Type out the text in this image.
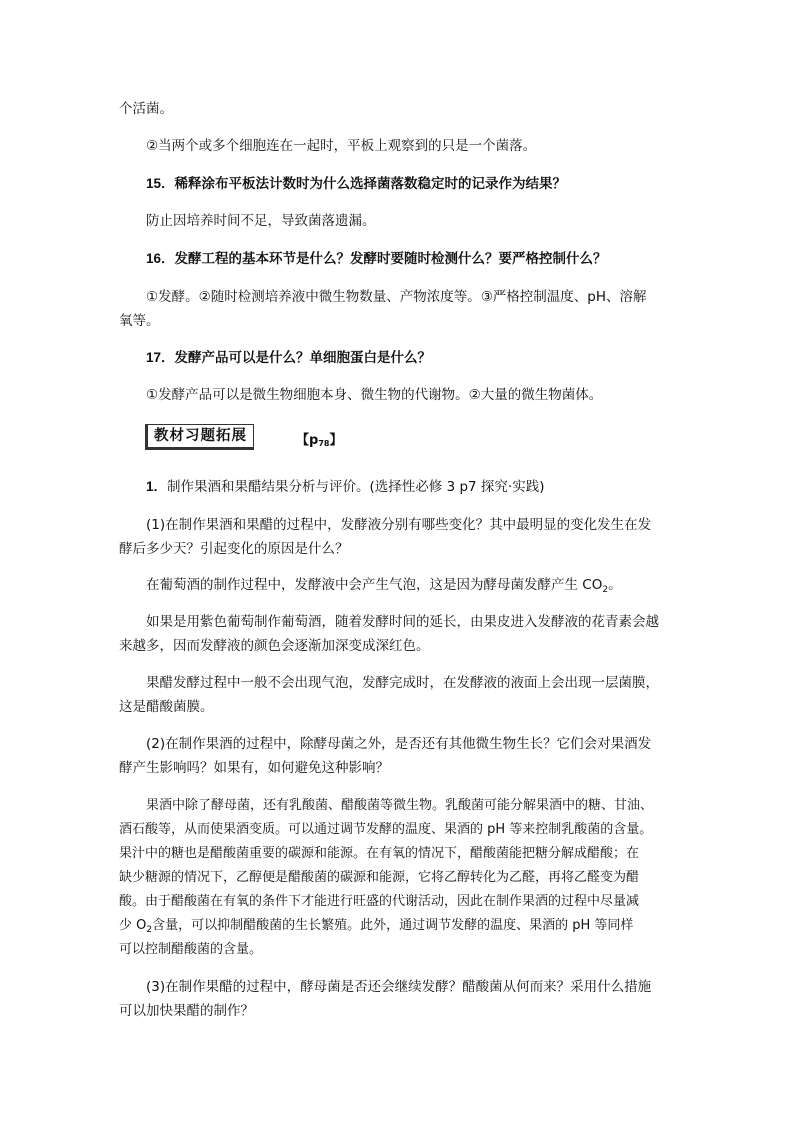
个活菌。
②当两个或多个细胞连在一起时，平板上观察到的只是一个菌落。
15．稀释涂布平板法计数时为什么选择菌落数稳定时的记录作为结果？
防止因培养时间不足，导致菌落遗漏。
16．发酵工程的基本环节是什么？发酵时要随时检测什么？要严格控制什么？
①发酵。②随时检测培养液中微生物数量、产物浓度等。③严格控制温度、pH、溶解
氧等。
17．发酵产品可以是什么？单细胞蛋白是什么？
①发酵产品可以是微生物细胞本身、微生物的代谢物。②大量的微生物菌体。
教材习题拓展	【$p_{78}$】
1．制作果酒和果醋结果分析与评价。(选择性必修 3 p7 探究·实践)
(1)在制作果酒和果醋的过程中，发酵液分别有哪些变化？其中最明显的变化发生在发
酵后多少天？引起变化的原因是什么？
在葡萄酒的制作过程中，发酵液中会产生气泡，这是因为酵母菌发酵产生 $CO_2$。
如果是用紫色葡萄制作葡萄酒，随着发酵时间的延长，由果皮进入发酵液的花青素会越
来越多，因而发酵液的颜色会逐渐加深变成深红色。
果醋发酵过程中一般不会出现气泡，发酵完成时，在发酵液的液面上会出现一层菌膜，
这是醋酸菌膜。
(2)在制作果酒的过程中，除酵母菌之外，是否还有其他微生物生长？它们会对果酒发
酵产生影响吗？如果有，如何避免这种影响？
果酒中除了酵母菌，还有乳酸菌、醋酸菌等微生物。乳酸菌可能分解果酒中的糖、甘油、
酒石酸等，从而使果酒变质。可以通过调节发酵的温度、果酒的 pH 等来控制乳酸菌的含量。
果汁中的糖也是醋酸菌重要的碳源和能源。在有氧的情况下，醋酸菌能把糖分解成醋酸；在
缺少糖源的情况下，乙醇便是醋酸菌的碳源和能源，它将乙醇转化为乙醛，再将乙醛变为醋
酸。由于醋酸菌在有氧的条件下才能进行旺盛的代谢活动，因此在制作果酒的过程中尽量减
少 $O_2$含量，可以抑制醋酸菌的生长繁殖。此外，通过调节发酵的温度、果酒的 pH 等同样
可以控制醋酸菌的含量。
(3)在制作果醋的过程中，酵母菌是否还会继续发酵？醋酸菌从何而来？采用什么措施
可以加快果醋的制作？
